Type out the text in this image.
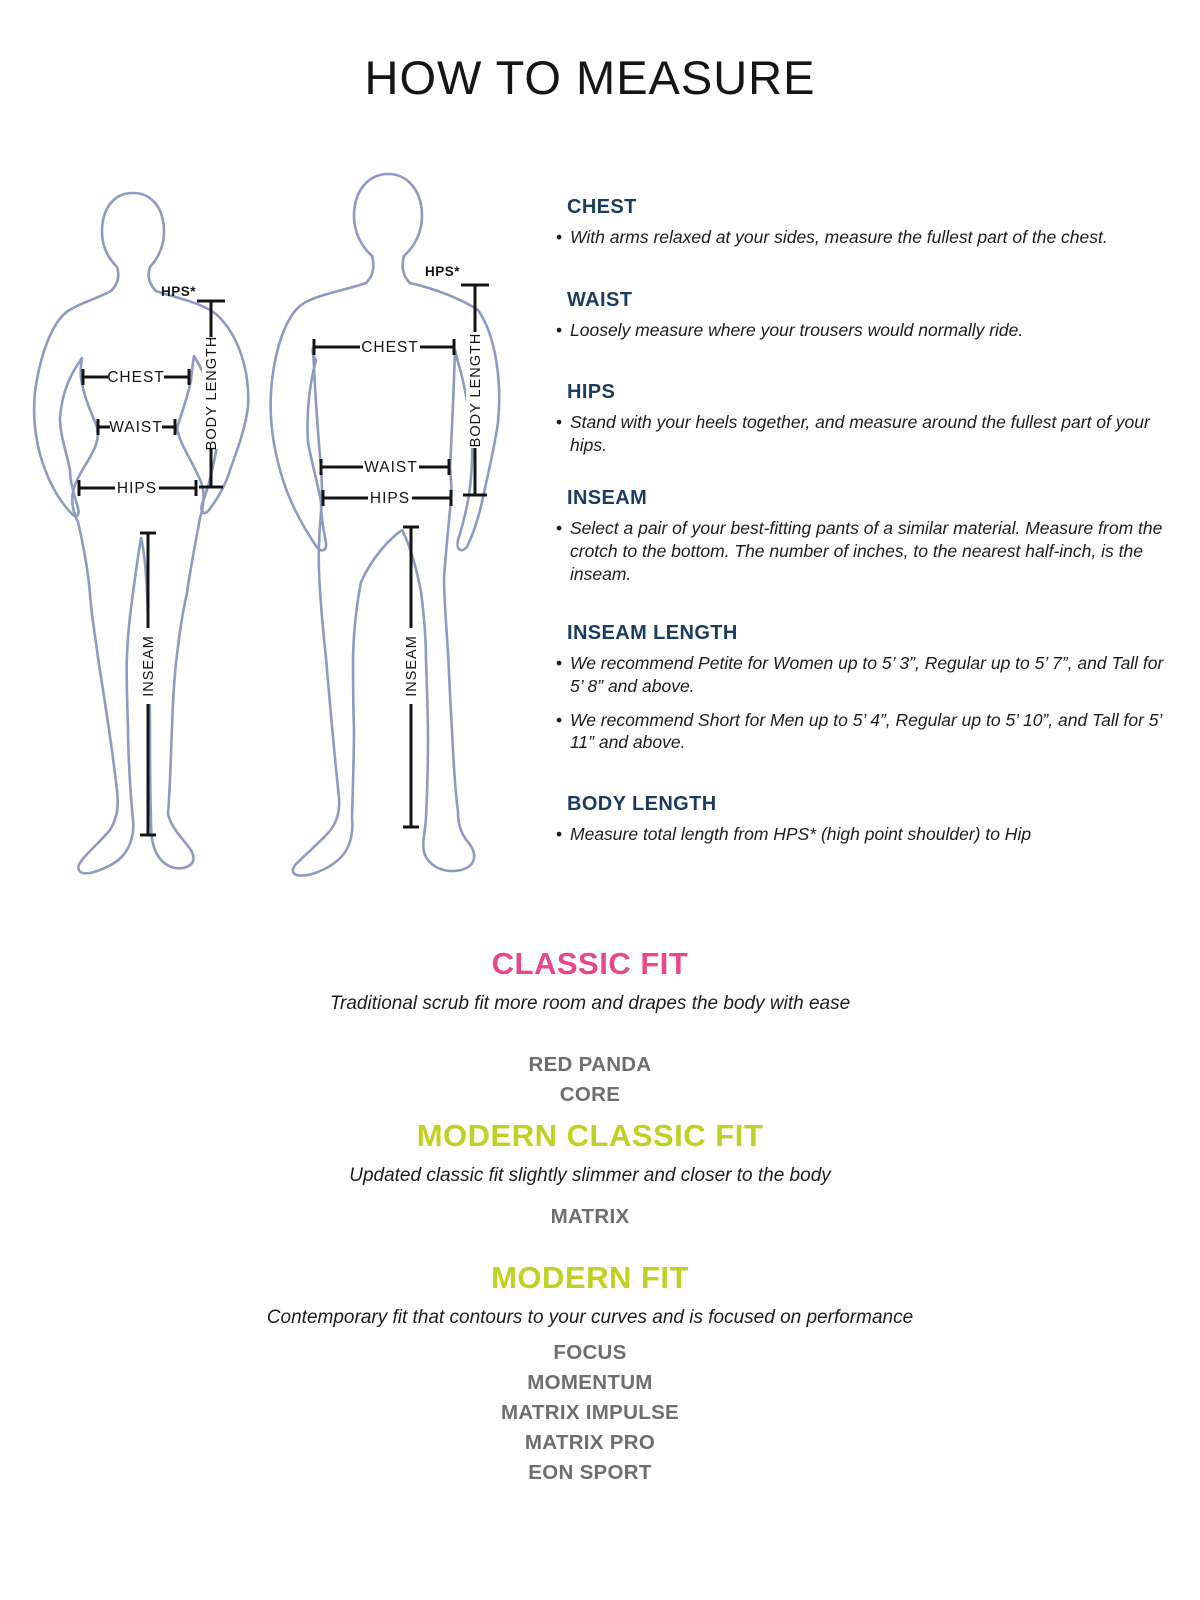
HOW TO MEASURE
HPS*
BODY LENGTH
CHEST
WAIST
HIPS
INSEAM
HPS*
BODY LENGTH
CHEST
WAIST
HIPS
INSEAM
CHEST

• With arms relaxed at your sides, measure the fullest part of the chest.

WAIST

• Loosely measure where your trousers would normally ride.

HIPS

• Stand with your heels together, and measure around the fullest part of your hips.

INSEAM

• Select a pair of your best-fitting pants of a similar material. Measure from the crotch to the bottom. The number of inches, to the nearest half-inch, is the inseam.

INSEAM LENGTH

• We recommend Petite for Women up to 5’ 3”, Regular up to 5’ 7”, and Tall for 5’ 8” and above.

• We recommend Short for Men up to 5’ 4”, Regular up to 5’ 10”, and Tall for 5’ 11” and above.

BODY LENGTH

• Measure total length from HPS* (high point shoulder) to Hip

CLASSIC FIT

Traditional scrub fit more room and drapes the body with ease

RED PANDA
CORE
MODERN CLASSIC FIT

Updated classic fit slightly slimmer and closer to the body

MATRIX
MODERN FIT

Contemporary fit that contours to your curves and is focused on performance

FOCUS
MOMENTUM
MATRIX IMPULSE
MATRIX PRO
EON SPORT
